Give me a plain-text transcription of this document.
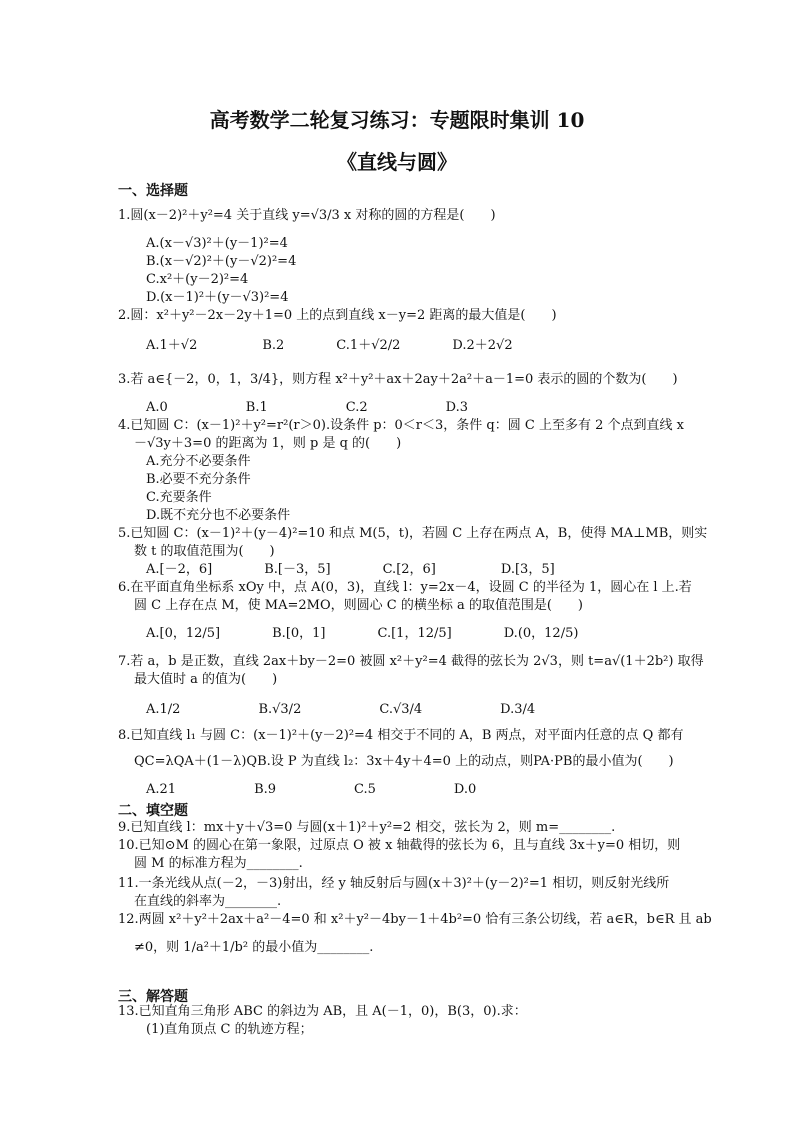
高考数学二轮复习练习：专题限时集训 10
《直线与圆》
一、选择题
1.圆(x－2)²＋y²=4 关于直线 y=√3/3 x 对称的圆的方程是(　　)
A.(x－√3)²＋(y－1)²=4
B.(x－√2)²＋(y－√2)²=4
C.x²＋(y－2)²=4
D.(x－1)²＋(y－√3)²=4
2.圆：x²＋y²－2x－2y＋1=0 上的点到直线 x－y=2 距离的最大值是(　　)
A.1＋√2　　　　　B.2　　　　C.1＋√2/2　　　　D.2＋2√2
3.若 a∈{－2，0，1，3/4}，则方程 x²＋y²＋ax＋2ay＋2a²＋a－1=0 表示的圆的个数为(　　)
A.0　　　　　　B.1　　　　　　C.2　　　　　　D.3
4.已知圆 C：(x－1)²＋y²=r²(r＞0).设条件 p：0＜r＜3，条件 q：圆 C 上至多有 2 个点到直线 x
－√3y＋3=0 的距离为 1，则 p 是 q 的(　　)
A.充分不必要条件
B.必要不充分条件
C.充要条件
D.既不充分也不必要条件
5.已知圆 C：(x－1)²＋(y－4)²=10 和点 M(5，t)，若圆 C 上存在两点 A，B，使得 MA⊥MB，则实
数 t 的取值范围为(　　)
A.[－2，6]　　　　B.[－3，5]　　　　C.[2，6]　　　　　D.[3，5]
6.在平面直角坐标系 xOy 中，点 A(0，3)，直线 l：y=2x－4，设圆 C 的半径为 1，圆心在 l 上.若
圆 C 上存在点 M，使 MA=2MO，则圆心 C 的横坐标 a 的取值范围是(　　)
A.[0，12/5]　　　　B.[0，1]　　　　C.[1，12/5]　　　　D.(0，12/5)
7.若 a，b 是正数，直线 2ax＋by－2=0 被圆 x²＋y²=4 截得的弦长为 2√3，则 t=a√(1＋2b²) 取得
最大值时 a 的值为(　　)
A.1/2　　　　　　B.√3/2　　　　　　C.√3/4　　　　　　D.3/4
8.已知直线 l₁ 与圆 C：(x－1)²＋(y－2)²=4 相交于不同的 A，B 两点，对平面内任意的点 Q 都有
QC=λQA＋(1－λ)QB.设 P 为直线 l₂：3x＋4y＋4=0 上的动点，则PA·PB的最小值为(　　)
A.21　　　　　　B.9　　　　　　C.5　　　　　　D.0
二、填空题
9.已知直线 l：mx＋y＋√3=0 与圆(x＋1)²＋y²=2 相交，弦长为 2，则 m=________.
10.已知⊙M 的圆心在第一象限，过原点 O 被 x 轴截得的弦长为 6，且与直线 3x＋y=0 相切，则
圆 M 的标准方程为________.
11.一条光线从点(－2，－3)射出，经 y 轴反射后与圆(x＋3)²＋(y－2)²=1 相切，则反射光线所
在直线的斜率为________.
12.两圆 x²＋y²＋2ax＋a²－4=0 和 x²＋y²－4by－1＋4b²=0 恰有三条公切线，若 a∈R，b∈R 且 ab
≠0，则 1/a²＋1/b² 的最小值为________.
三、解答题
13.已知直角三角形 ABC 的斜边为 AB，且 A(－1，0)，B(3，0).求：
(1)直角顶点 C 的轨迹方程；
